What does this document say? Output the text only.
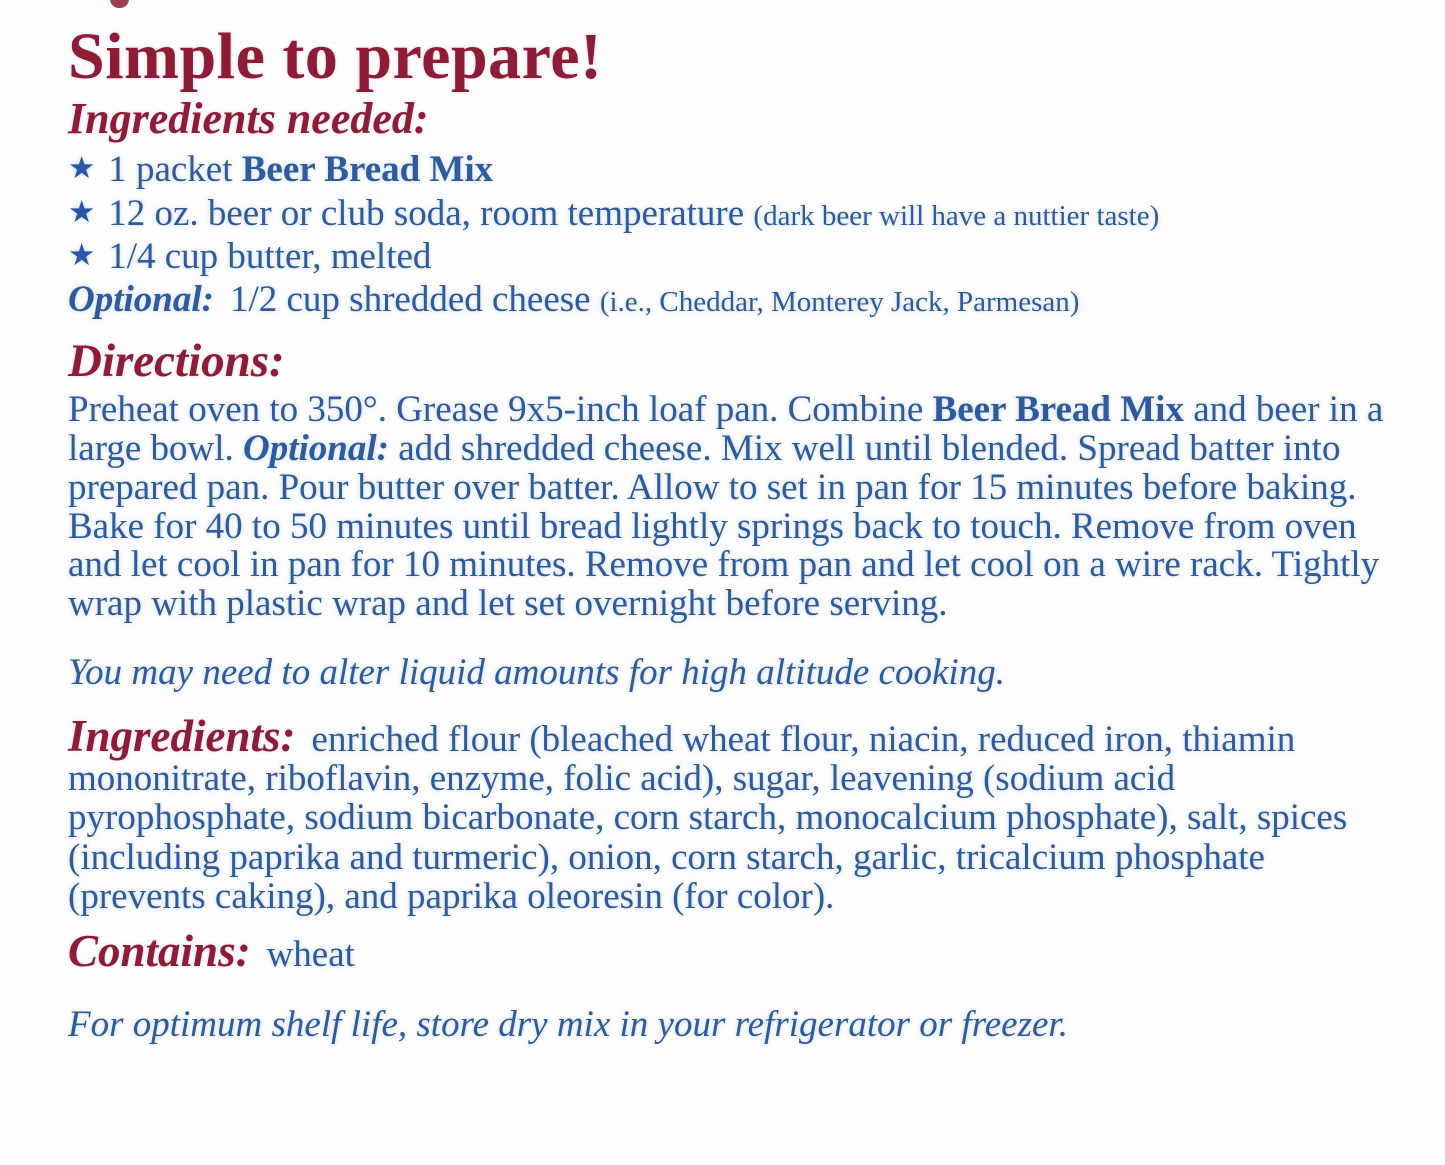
Simple to prepare!
Ingredients needed:
★ 1 packet Beer Bread Mix
★ 12 oz. beer or club soda, room temperature (dark beer will have a nuttier taste)
★ 1/4 cup butter, melted
Optional: 1/2 cup shredded cheese (i.e., Cheddar, Monterey Jack, Parmesan)
Directions:

Preheat oven to 350°. Grease 9x5-inch loaf pan. Combine Beer Bread Mix and beer in a large bowl. Optional: add shredded cheese. Mix well until blended. Spread batter into prepared pan. Pour butter over batter. Allow to set in pan for 15 minutes before baking. Bake for 40 to 50 minutes until bread lightly springs back to touch. Remove from oven and let cool in pan for 10 minutes. Remove from pan and let cool on a wire rack. Tightly wrap with plastic wrap and let set overnight before serving.

You may need to alter liquid amounts for high altitude cooking.

Ingredients: enriched flour (bleached wheat flour, niacin, reduced iron, thiamin mononitrate, riboflavin, enzyme, folic acid), sugar, leavening (sodium acid pyrophosphate, sodium bicarbonate, corn starch, monocalcium phosphate), salt, spices (including paprika and turmeric), onion, corn starch, garlic, tricalcium phosphate (prevents caking), and paprika oleoresin (for color).

Contains: wheat

For optimum shelf life, store dry mix in your refrigerator or freezer.
